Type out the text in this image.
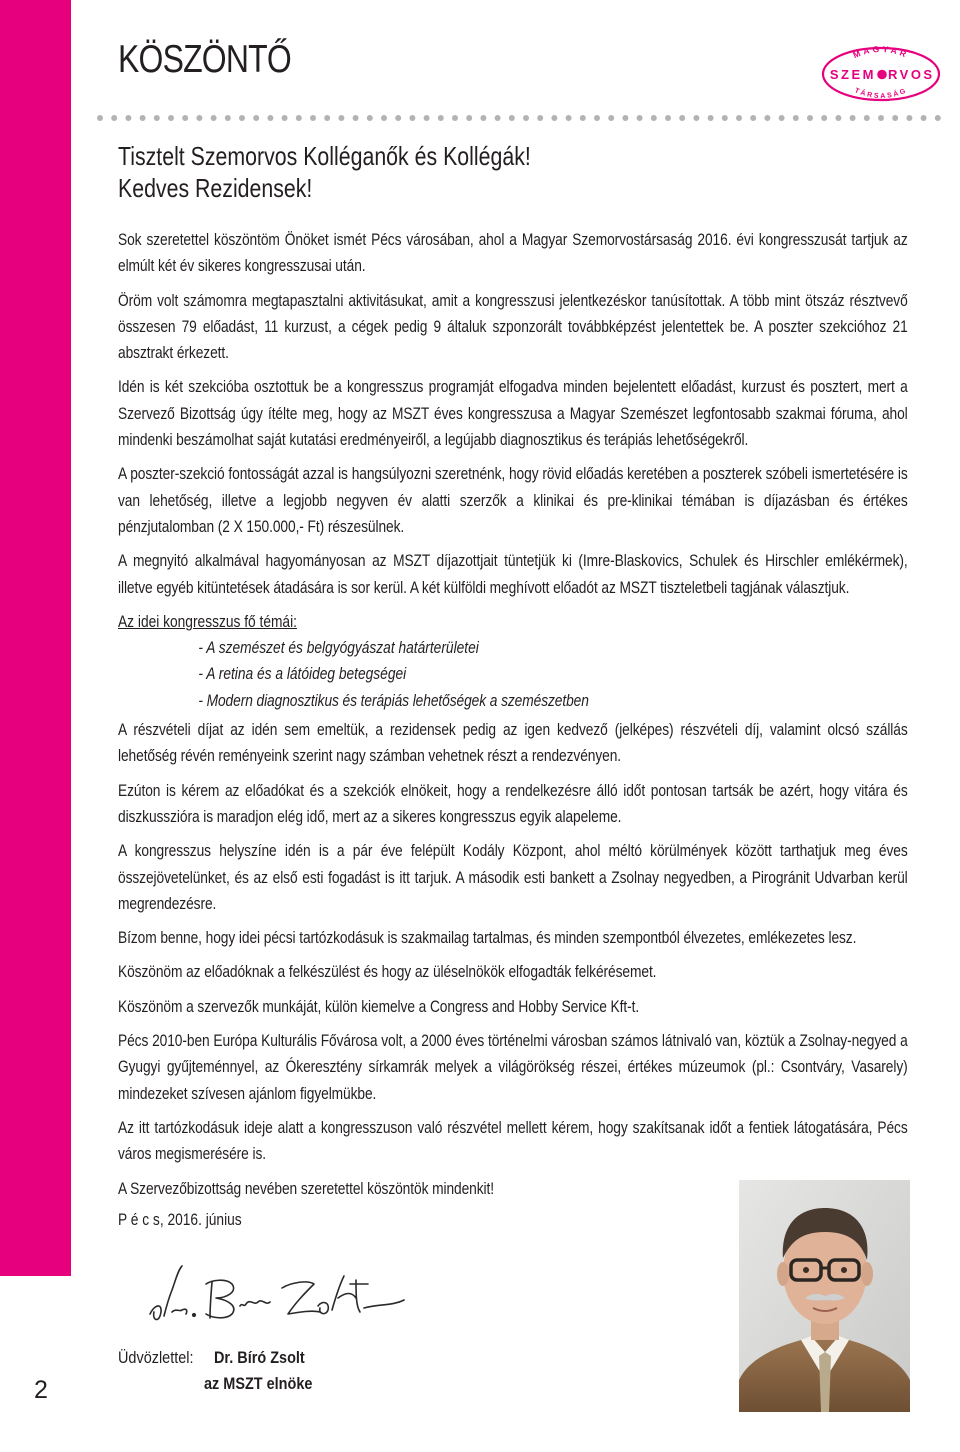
2
KÖSZÖNTŐ	MAGYAR
TÁRSASÁG
SZEM RVOS

Tisztelt Szemorvos Kolléganők és Kollégák!
Kedves Rezidensek!

Sok szeretettel köszöntöm Önöket ismét Pécs városában, ahol a Magyar Szemorvostársaság 2016. évi kongresszusát tartjuk az elmúlt két év sikeres kongresszusai után.

Öröm volt számomra megtapasztalni aktivitásukat, amit a kongresszusi jelentkezéskor tanúsítottak. A több mint ötszáz résztvevő összesen 79 előadást, 11 kurzust, a cégek pedig 9 általuk szponzorált továbbképzést jelentettek be. A poszter szekcióhoz 21 absztrakt érkezett.

Idén is két szekcióba osztottuk be a kongresszus programját elfogadva minden bejelentett előadást, kurzust és posztert, mert a Szervező Bizottság úgy ítélte meg, hogy az MSZT éves kongresszusa a Magyar Szemészet legfontosabb szakmai fóruma, ahol mindenki beszámolhat saját kutatási eredményeiről, a legújabb diagnosztikus és terápiás lehetőségekről.

A poszter-szekció fontosságát azzal is hangsúlyozni szeretnénk, hogy rövid előadás keretében a poszterek szóbeli ismertetésére is van lehetőség, illetve a legjobb negyven év alatti szerzők a klinikai és pre-klinikai témában is díjazásban és értékes pénzjutalomban (2 X 150.000,- Ft) részesülnek.

A megnyitó alkalmával hagyományosan az MSZT díjazottjait tüntetjük ki (Imre-Blaskovics, Schulek és Hirschler emlékérmek), illetve egyéb kitüntetések átadására is sor kerül. A két külföldi meghívott előadót az MSZT tiszteletbeli tagjának választjuk.

Az idei kongresszus fő témái:

- A szemészet és belgyógyászat határterületei

- A retina és a látóideg betegségei

- Modern diagnosztikus és terápiás lehetőségek a szemészetben

A részvételi díjat az idén sem emeltük, a rezidensek pedig az igen kedvező (jelképes) részvételi díj, valamint olcsó szállás lehetőség révén reményeink szerint nagy számban vehetnek részt a rendezvényen.

Ezúton is kérem az előadókat és a szekciók elnökeit, hogy a rendelkezésre álló időt pontosan tartsák be azért, hogy vitára és diszkusszióra is maradjon elég idő, mert az a sikeres kongresszus egyik alapeleme.

A kongresszus helyszíne idén is a pár éve felépült Kodály Központ, ahol méltó körülmények között tarthatjuk meg éves összejövetelünket, és az első esti fogadást is itt tarjuk. A második esti bankett a Zsolnay negyedben, a Pirogránit Udvarban kerül megrendezésre.

Bízom benne, hogy idei pécsi tartózkodásuk is szakmailag tartalmas, és minden szempontból élvezetes, emlékezetes lesz.

Köszönöm az előadóknak a felkészülést és hogy az üléselnökök elfogadták felkérésemet.

Köszönöm a szervezők munkáját, külön kiemelve a Congress and Hobby Service Kft-t.

Pécs 2010-ben Európa Kulturális Fővárosa volt, a 2000 éves történelmi városban számos látnivaló van, köztük a Zsolnay-negyed a Gyugyi gyűjteménnyel, az Ókeresztény sírkamrák melyek a világörökség részei, értékes múzeumok (pl.: Csontváry, Vasarely) mindezeket szívesen ajánlom figyelmükbe.

Az itt tartózkodásuk ideje alatt a kongresszuson való részvétel mellett kérem, hogy szakítsanak időt a fentiek látogatására, Pécs város megismerésére is.

A Szervezőbizottság nevében szeretettel köszöntök mindenkit!

P é c s, 2016. június
Üdvözlettel: Dr. Bíró Zsolt
az MSZT elnöke
